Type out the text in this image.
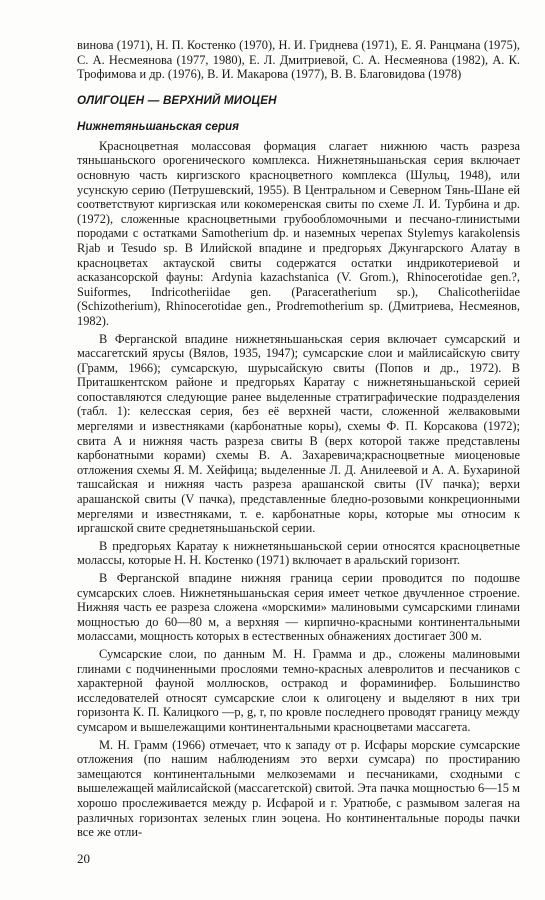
винова (1971), Н. П. Костенко (1970), Н. И. Гриднева (1971), Е. Я. Ранцмана (1975), С. А. Несмеянова (1977, 1980), Е. Л. Дмитриевой, С. А. Несмеянова (1982), А. К. Трофимова и др. (1976), В. И. Макарова (1977), В. В. Благовидова (1978)

ОЛИГОЦЕН — ВЕРХНИЙ МИОЦЕН
Нижнетяньшаньская серия

Красноцветная молассовая формация слагает нижнюю часть разреза тяньшаньского орогенического комплекса. Нижнетяньшаньская серия включает основную часть киргизского красноцветного комплекса (Шульц, 1948), или усунскую серию (Петрушевский, 1955). В Центральном и Северном Тянь-Шане ей соответствуют киргизская или кокомеренская свиты по схеме Л. И. Турбина и др. (1972), сложенные красноцветными грубообломочными и песчано-глинистыми породами с остатками Samotherium dp. и наземных черепах Stylemys karakolensis Rjab и Tesudo sp. В Илийской впадине и предгорьях Джунгарского Алатау в красноцветах актауской свиты содержатся остатки индрикотериевой и асказансорской фауны: Ardynia kazachstanica (V. Grom.), Rhinocerotidae gen.?, Suiformes, Indricotheriidae gen. (Paraceratherium sp.), Chalicotheriidae (Schizotherium), Rhinocerotidae gen., Prodremotherium sp. (Дмитриева, Несмеянов, 1982).

В Ферганской впадине нижнетяньшаньская серия включает сумсарский и массагетский ярусы (Вялов, 1935, 1947); сумсарские слои и майлисайскую свиту (Грамм, 1966); сумсарскую, шурысайскую свиты (Попов и др., 1972). В Приташкентском районе и предгорьях Каратау с нижнетяньшаньской серией сопоставляются следующие ранее выделенные стратиграфические подразделения (табл. 1): келесская серия, без её верхней части, сложенной желваковыми мергелями и известняками (карбонатные коры), схемы Ф. П. Корсакова (1972); свита А и нижняя часть разреза свиты В (верх которой также представлены карбонатными корами) схемы В. А. Захаревича;красноцветные миоценовые отложения схемы Я. М. Хейфица; выделенные Л. Д. Анилеевой и А. А. Бухариной ташсайская и нижняя часть разреза арашанской свиты (IV пачка); верхи арашанской свиты (V пачка), представленные бледно-розовыми конкреционными мергелями и известняками, т. е. карбонатные коры, которые мы относим к иргашской свите среднетяньшаньской серии.

В предгорьях Каратау к нижнетяньшаньской серии относятся красноцветные молассы, которые Н. Н. Костенко (1971) включает в аральский горизонт.

В Ферганской впадине нижняя граница серии проводится по подошве сумсарских слоев. Нижнетяньшаньская серия имеет четкое двучленное строение. Нижняя часть ее разреза сложена «морскими» малиновыми сумсарскими глинами мощностью до 60—80 м, а верхняя — кирпично-красными континентальными молассами, мощность которых в естественных обнажениях достигает 300 м.

Сумсарские слои, по данным М. Н. Грамма и др., сложены малиновыми глинами с подчиненными прослоями темно-красных алевролитов и песчаников с характерной фауной моллюсков, остракод и фораминифер. Большинство исследователей относят сумсарские слои к олигоцену и выделяют в них три горизонта К. П. Калицкого —р, g, r, по кровле последнего проводят границу между сумсаром и вышележащими континентальными красноцветами массагета.

М. Н. Грамм (1966) отмечает, что к западу от р. Исфары морские сумсарские отложения (по нашим наблюдениям это верхи сумсара) по простиранию замещаются континентальными мелкоземами и песчаниками, сходными с вышележащей майлисайской (массагетской) свитой. Эта пачка мощностью 6—15 м хорошо прослеживается между р. Исфарой и г. Уратюбе, с размывом залегая на различных горизонтах зеленых глин эоцена. Но континентальные породы пачки все же отли-

20
